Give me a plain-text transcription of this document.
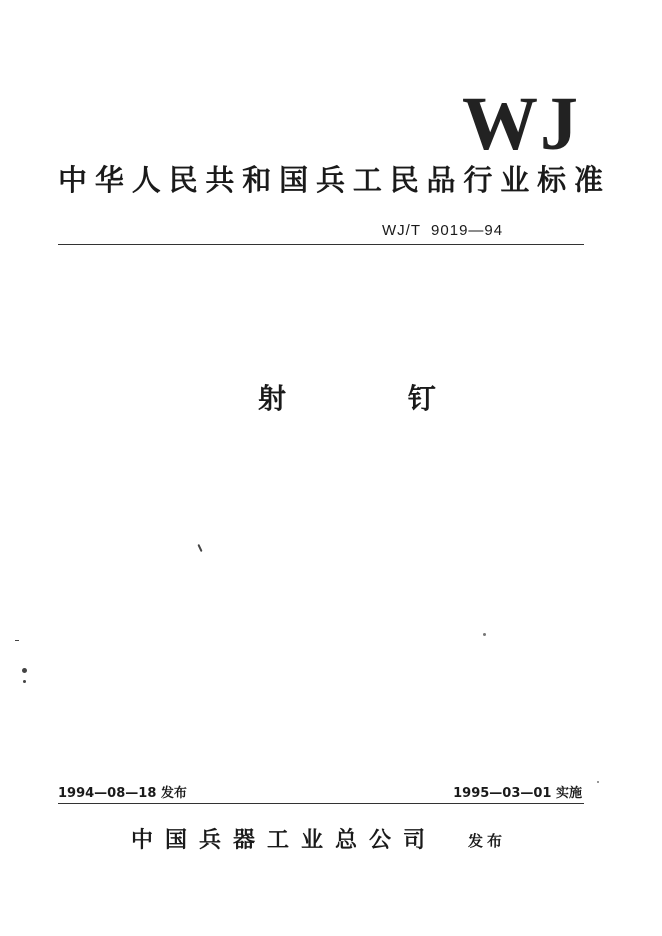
WJ
中华人民共和国兵工民品行业标准
WJ/T  9019—94
射 钉
1994—08—18 发布	1995—03—01 实施
中国兵器工业总公司 发布
